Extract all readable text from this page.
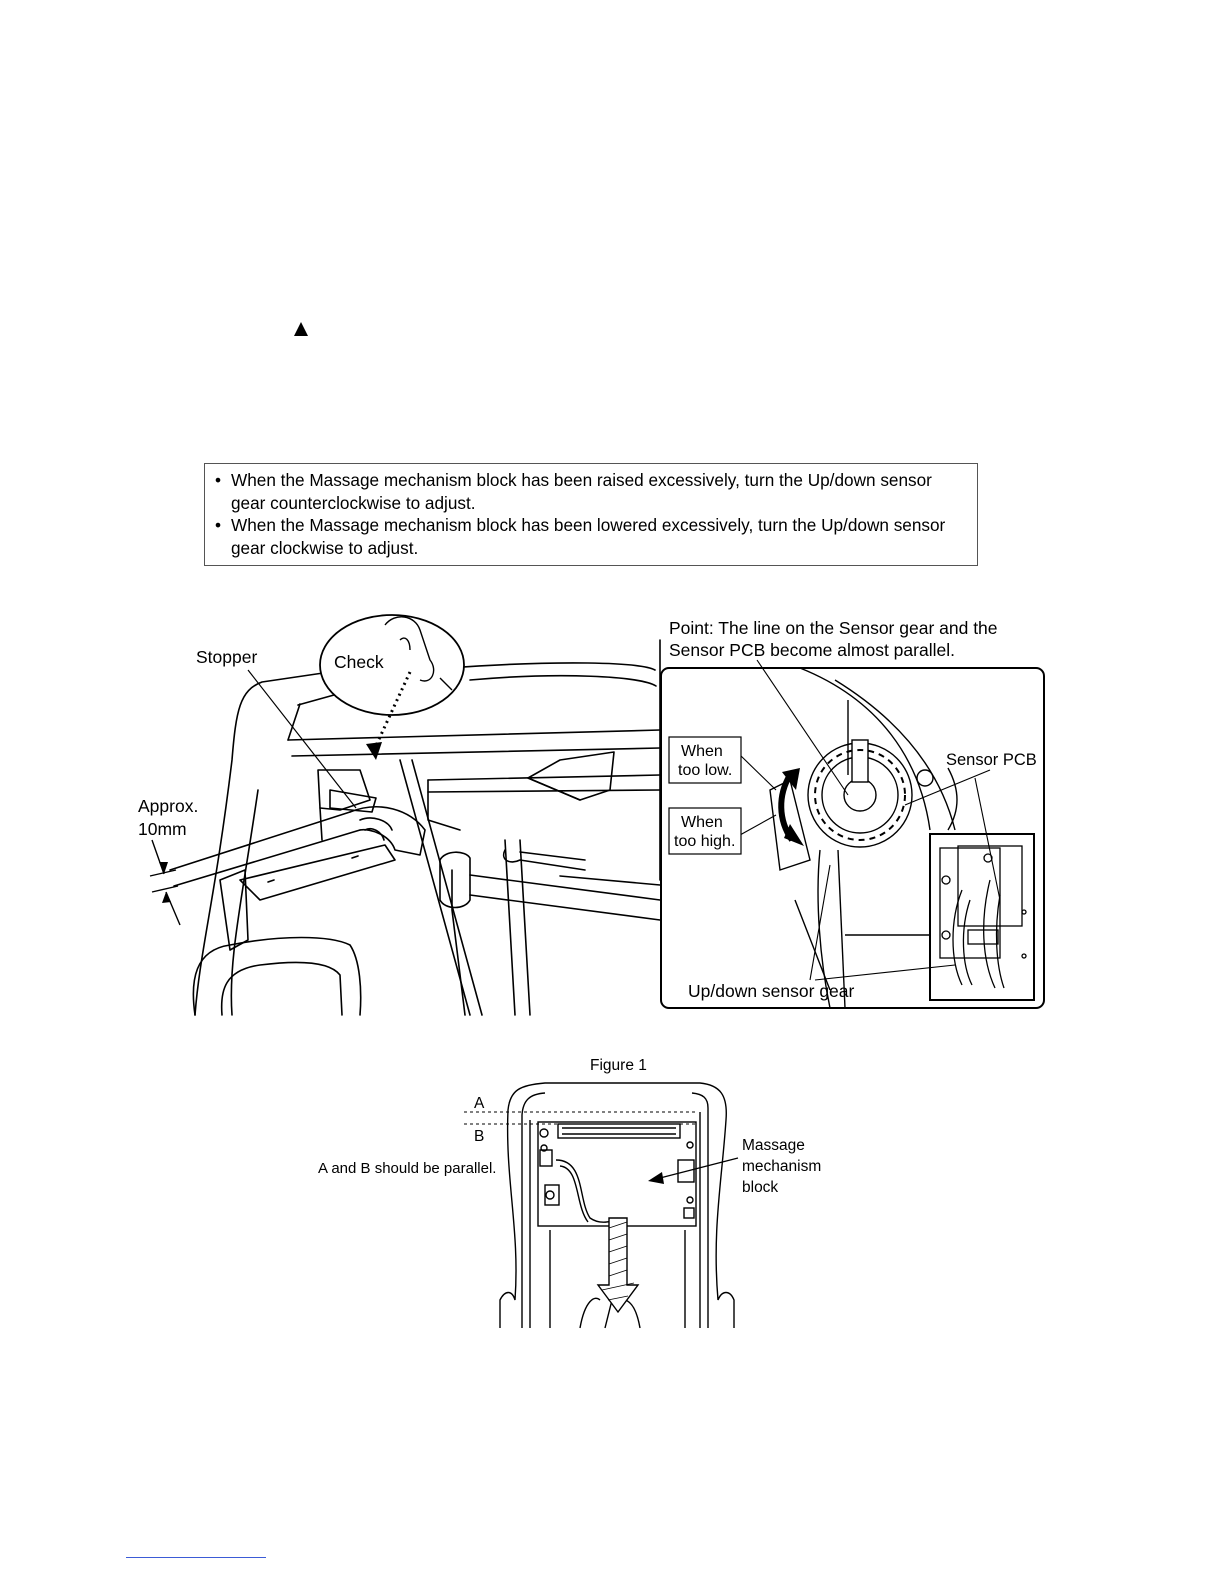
• When the Massage mechanism block has been raised excessively, turn the Up/down sensor gear counterclockwise to adjust.
• When the Massage mechanism block has been lowered excessively, turn the Up/down sensor gear clockwise to adjust.
Stopper	Check
Approx.
10mm
Point: The line on the Sensor gear and the
Sensor PCB become almost parallel.
Sensor PCB
Up/down sensor gear
When
too low.
When
too high.
Figure 1
A
B
A and B should be parallel.
Massage
mechanism
block
